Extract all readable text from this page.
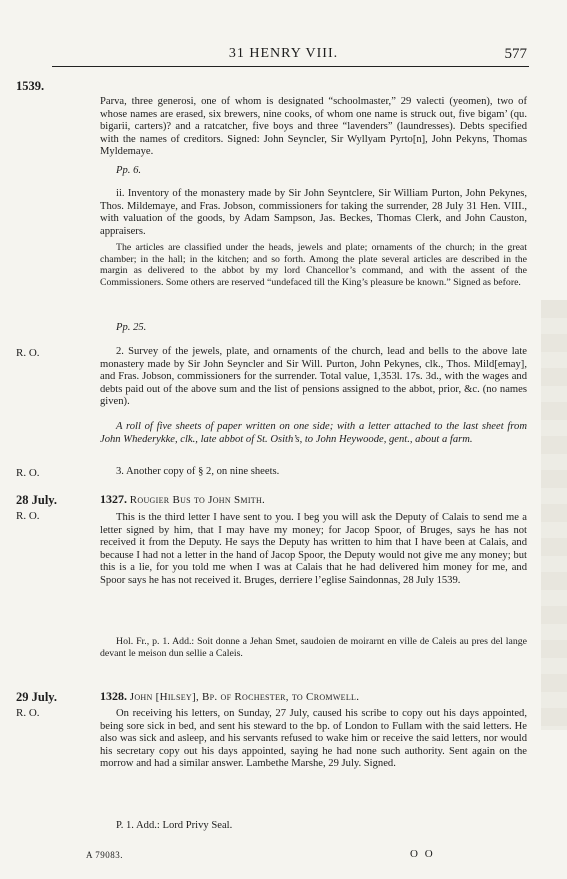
31 HENRY VIII.	577
1539.
R. O.
R. O.
28 July.
R. O.
29 July.
R. O.
Parva, three generosi, one of whom is designated “schoolmaster,” 29 valecti (yeomen), two of whose names are erased, six brewers, nine cooks, of whom one name is struck out, five bigam’ (qu. bigarii, carters)? and a ratcatcher, five boys and three “lavenders” (laundresses). Debts specified with the names of creditors. Signed: John Seyncler, Sir Wyllyam Pyrto[n], John Pekyns, Thomas Myldemaye.
Pp. 6.
ii. Inventory of the monastery made by Sir John Seyntclere, Sir William Purton, John Pekynes, Thos. Mildemaye, and Fras. Jobson, commissioners for taking the surrender, 28 July 31 Hen. VIII., with valuation of the goods, by Adam Sampson, Jas. Beckes, Thomas Clerk, and John Causton, appraisers.
The articles are classified under the heads, jewels and plate; ornaments of the church; in the great chamber; in the hall; in the kitchen; and so forth. Among the plate several articles are described in the margin as delivered to the abbot by my lord Chancellor’s command, and with the assent of the Commissioners. Some others are reserved “undefaced till the King’s pleasure be known.” Signed as before.
Pp. 25.
2. Survey of the jewels, plate, and ornaments of the church, lead and bells to the above late monastery made by Sir John Seyncler and Sir Will. Purton, John Pekynes, clk., Thos. Mild[emay], and Fras. Jobson, commissioners for the surrender. Total value, 1,353l. 17s. 3d., with the wages and debts paid out of the above sum and the list of pensions assigned to the abbot, prior, &c. (no names given).
A roll of five sheets of paper written on one side; with a letter attached to the last sheet from John Whederykke, clk., late abbot of St. Osith’s, to John Heywoode, gent., about a farm.
3. Another copy of § 2, on nine sheets.
1327. Rougier Bus to John Smith.
This is the third letter I have sent to you. I beg you will ask the Deputy of Calais to send me a letter signed by him, that I may have my money; for Jacop Spoor, of Bruges, says he has not received it from the Deputy. He says the Deputy has written to him that I have been at Calais, and because I had not a letter in the hand of Jacop Spoor, the Deputy would not give me any money; but this is a lie, for you told me when I was at Calais that he had delivered him money for me, and Spoor says he has not received it. Bruges, derriere l’eglise Saindonnas, 28 July 1539.
Hol. Fr., p. 1. Add.: Soit donne a Jehan Smet, saudoien de moirarnt en ville de Caleis au pres del lange devant le meison dun sellie a Caleis.
1328. John [Hilsey], Bp. of Rochester, to Cromwell.
On receiving his letters, on Sunday, 27 July, caused his scribe to copy out his days appointed, being sore sick in bed, and sent his steward to the bp. of London to Fullam with the said letters. He also was sick and asleep, and his servants refused to wake him or receive the said letters, nor would his secretary copy out his days appointed, saying he had none such authority. Sent again on the morrow and had a similar answer. Lambethe Marshe, 29 July. Signed.
P. 1. Add.: Lord Privy Seal.
A 79083.	O O
